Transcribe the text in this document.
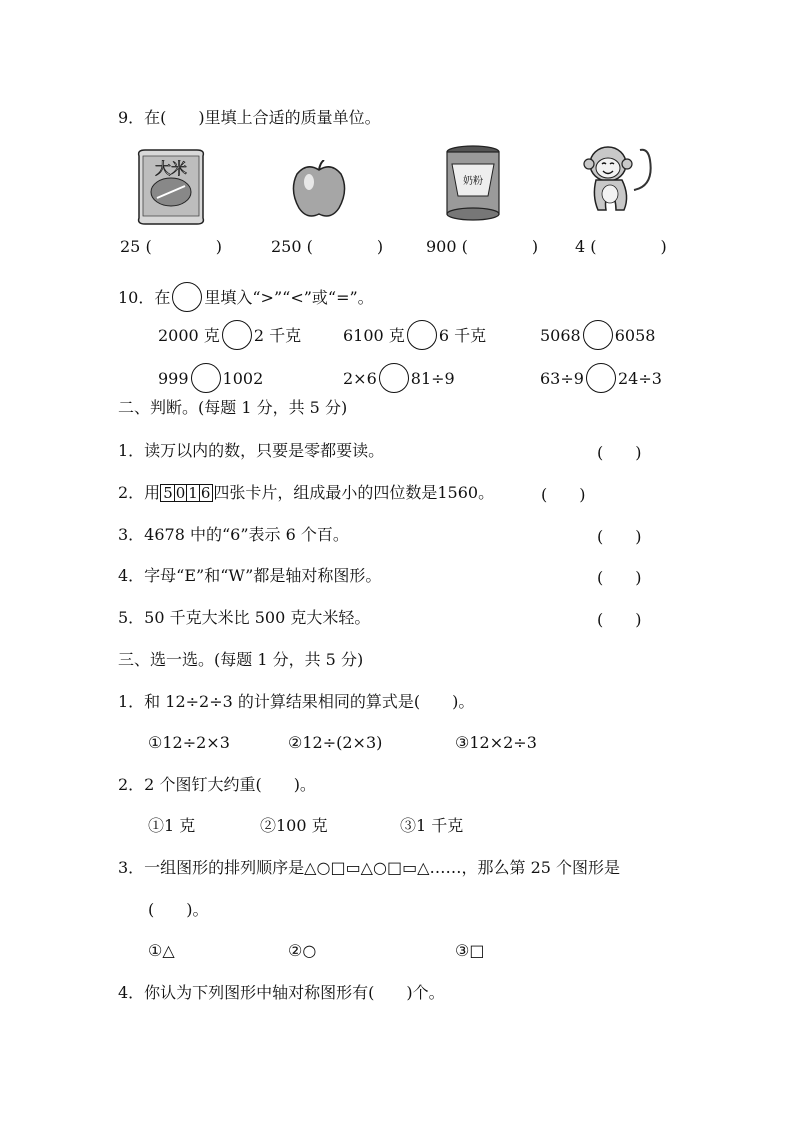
9．在(　　)里填上合适的质量单位。
大米
奶粉
25 (　　　　)	250 (　　　　)	900 (　　　　) 4 (　　　　)
10．在 里填入“>”“<”或“=”。
2000 克 2 千克	6100 克 6 千克	5068 6058
999 1002	2×6 81÷9	63÷9 24÷3
二、判断。(每题 1 分，共 5 分)
1．读万以内的数，只要是零都要读。	(　　)
2．用 5 0 1 6 四张卡片，组成最小的四位数是1560。	(　　)
3．4678 中的“6”表示 6 个百。	(　　)
4．字母“E”和“W”都是轴对称图形。	(　　)
5．50 千克大米比 500 克大米轻。	(　　)
三、选一选。(每题 1 分，共 5 分)
1．和 12÷2÷3 的计算结果相同的算式是(　　)。
①12÷2×3	②12÷(2×3)	③12×2÷3
2．2 个图钉大约重(　　)。
①1 克	②100 克	③1 千克
3．一组图形的排列顺序是△○□▭△○□▭△……，那么第 25 个图形是
(　　)。
①△	②○	③□
4．你认为下列图形中轴对称图形有(　　)个。
